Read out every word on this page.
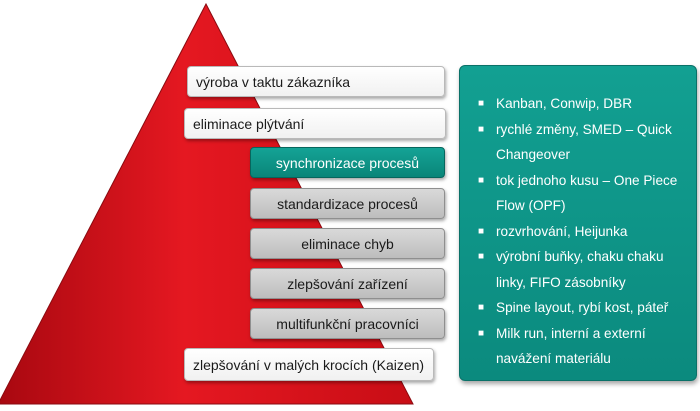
výroba v taktu zákazníka
eliminace plýtvání
synchronizace procesů
standardizace procesů
eliminace chyb
zlepšování zařízení
multifunkční pracovníci
zlepšování v malých krocích (Kaizen)
■ Kanban, Conwip, DBR
■ rychlé změny, SMED – Quick Changeover
■ tok jednoho kusu – One Piece Flow (OPF)
■ rozvrhování, Heijunka
■ výrobní buňky, chaku chaku linky, FIFO zásobníky
■ Spine layout, rybí kost, páteř
■ Milk run, interní a externí navážení materiálu
